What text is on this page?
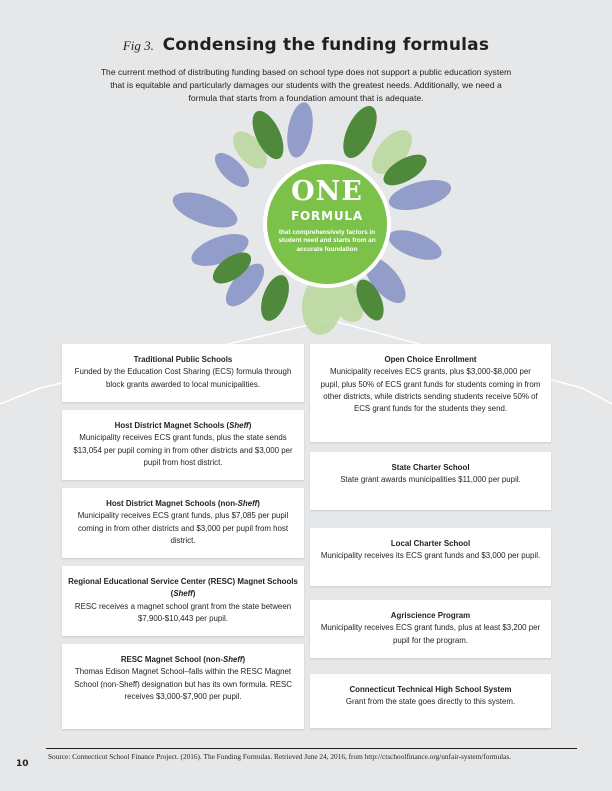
Fig 3. Condensing the funding formulas
The current method of distributing funding based on school type does not support a public education system that is equitable and particularly damages our students with the greatest needs. Additionally, we need a formula that starts from a foundation amount that is adequate.
ONE
FORMULA
that comprehensively factors in student need and starts from an accurate foundation
Traditional Public Schools
Funded by the Education Cost Sharing (ECS) formula through block grants awarded to local municipalities.
Host District Magnet Schools (Sheff)
Municipality receives ECS grant funds, plus the state sends $13,054 per pupil coming in from other districts and $3,000 per pupil from host district.
Host District Magnet Schools (non-Sheff)
Municipality receives ECS grant funds, plus $7,085 per pupil coming in from other districts and $3,000 per pupil from host district.
Regional Educational Service Center (RESC) Magnet Schools (Sheff)
RESC receives a magnet school grant from the state between $7,900-$10,443 per pupil.
RESC Magnet School (non-Sheff)
Thomas Edison Magnet School–falls within the RESC Magnet School (non-Sheff) designation but has its own formula. RESC receives $3,000-$7,900 per pupil.
Open Choice Enrollment
Municipality receives ECS grants, plus $3,000-$8,000 per pupil, plus 50% of ECS grant funds for students coming in from other districts, while districts sending students receive 50% of ECS grant funds for the students they send.
State Charter School
State grant awards municipalities $11,000 per pupil.
Local Charter School
Municipality receives its ECS grant funds and $3,000 per pupil.
Agriscience Program
Municipality receives ECS grant funds, plus at least $3,200 per pupil for the program.
Connecticut Technical High School System
Grant from the state goes directly to this system.
Source: Connecticut School Finance Project. (2016). The Funding Formulas. Retrieved June 24, 2016, from http://ctschoolfinance.org/unfair-system/formulas.
10
